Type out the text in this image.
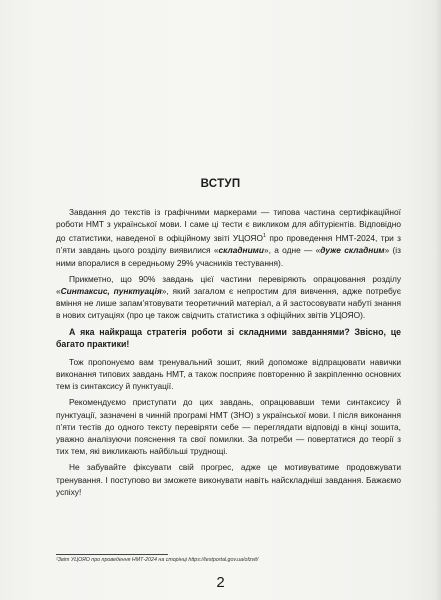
ВСТУП

Завдання до текстів із графічними маркерами — типова частина сертифікаційної роботи НМТ з української мови. І саме ці тести є викликом для абітурієнтів. Відповідно до статистики, наведеної в офіційному звіті УЦОЯО$^1$ про проведення НМТ-2024, три з п’яти завдань цього розділу виявилися «складними», а одне — «дуже складним» (із ними впоралися в середньому 29% учасників тестування).

Прикметно, що 90% завдань цієї частини перевіряють опрацювання розділу «Синтаксис, пунктуація», який загалом є непростим для вивчення, адже потребує вміння не лише запам’ятовувати теоретичний матеріал, а й застосовувати набуті знання в нових ситуаціях (про це також свідчить статистика з офіційних звітів УЦОЯО).

А яка найкраща стратегія роботи зі складними завданнями? Звісно, це багато практики!

Тож пропонуємо вам тренувальний зошит, який допоможе відпрацювати навички виконання типових завдань НМТ, а також посприяє повторенню й закріпленню основних тем із синтаксису й пунктуації.

Рекомендуємо приступати до цих завдань, опрацювавши теми синтаксису й пунктуації, зазначені в чинній програмі НМТ (ЗНО) з української мови. І після виконання п’яти тестів до одного тексту перевіряти себе — переглядати відповіді в кінці зошита, уважно аналізуючи пояснення та свої помилки. За потреби — повертатися до теорії з тих тем, які викликають найбільші труднощі.

Не забувайте фіксувати свій прогрес, адже це мотивуватиме продовжувати тренування. І поступово ви зможете виконувати навіть найскладніші завдання. Бажаємо успіху!

¹Звіт УЦОЯО про проведення НМТ-2024 на сторінці https://testportal.gov.ua/ofzvit/
2
